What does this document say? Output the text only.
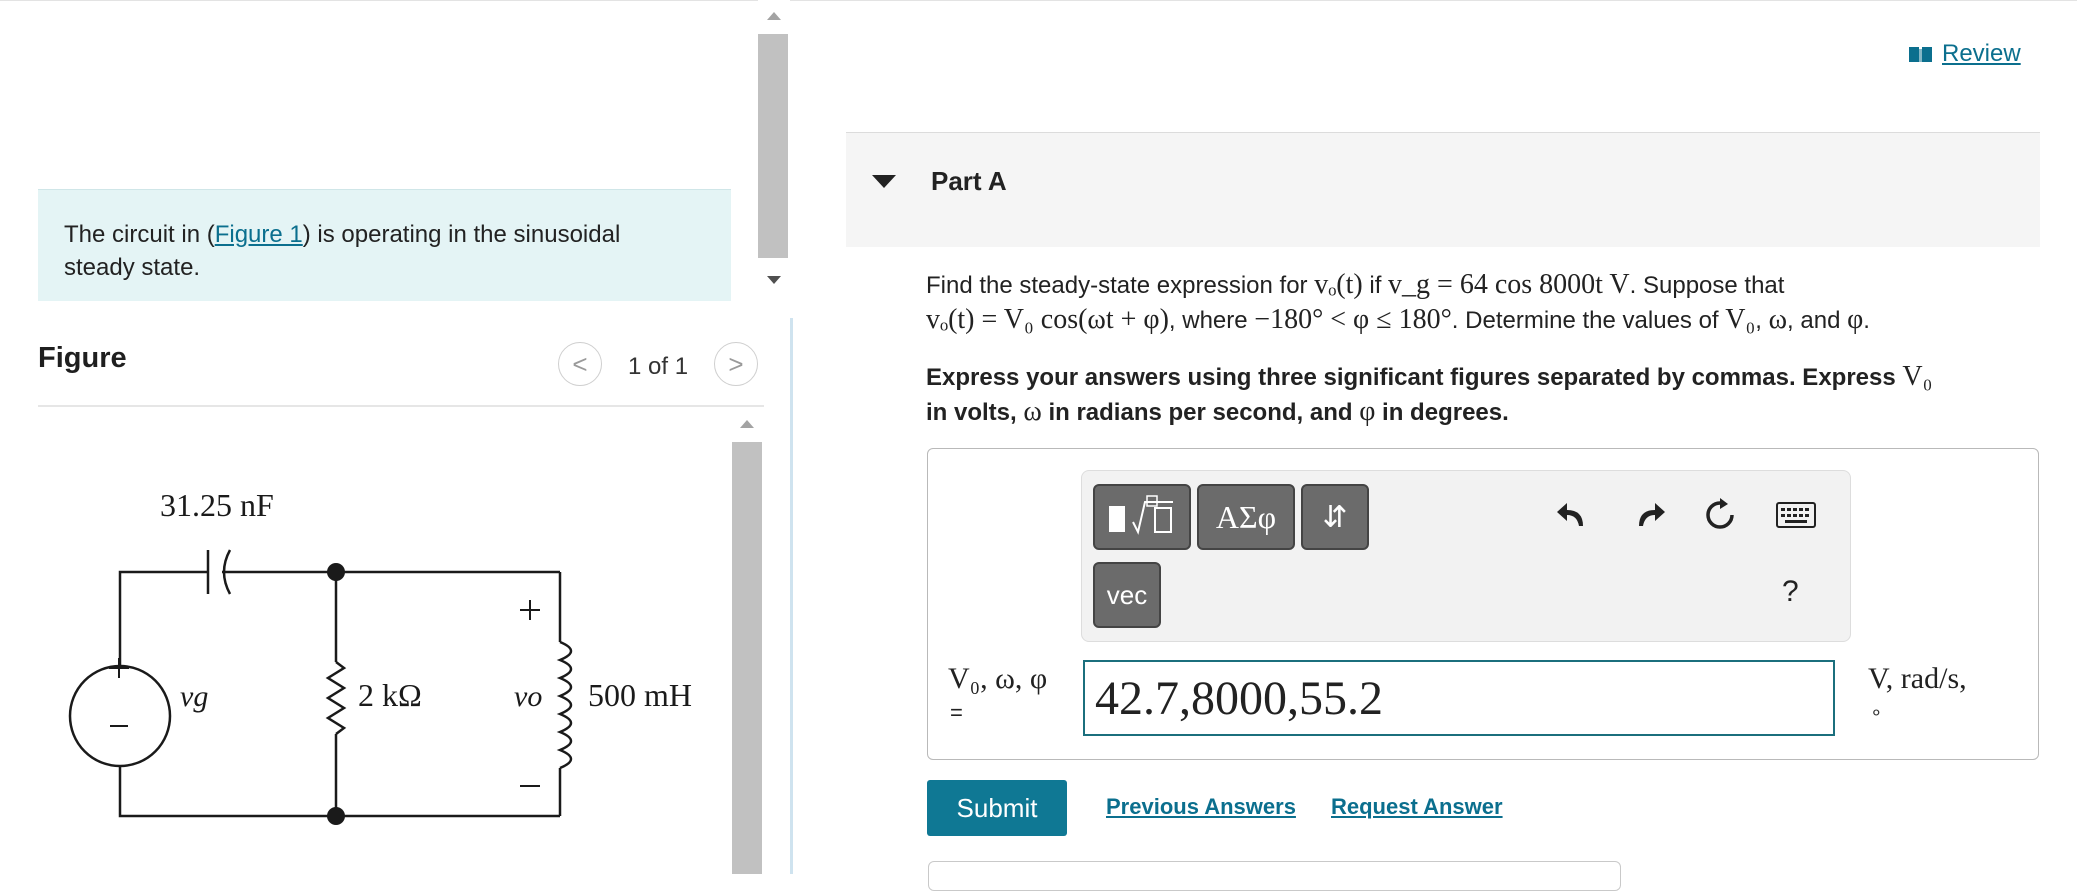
The circuit in (Figure 1) is operating in the sinusoidal steady state.
Figure	< 1 of 1 >
31.25 nF
vg	2 kΩ	vo 500 mH
Review
Part A
Find the steady-state expression for vₒ(t) if v_g = 64 cos 8000t V. Suppose that
vₒ(t) = V₀ cos(ωt + φ), where −180° < φ ≤ 180°. Determine the values of V₀, ω, and φ.
Express your answers using three significant figures separated by commas. Express V₀
in volts, ω in radians per second, and φ in degrees.
ΑΣφ	⇵
vec	?
V₀, ω, φ
=	42.7,8000,55.2	V, rad/s,
∘
Submit	Previous Answers Request Answer
